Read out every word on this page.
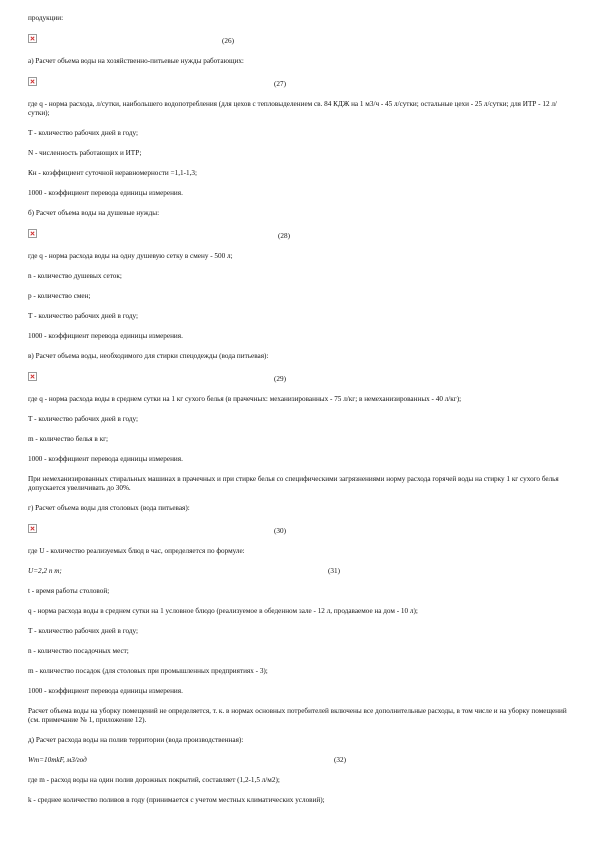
продукции:

(26)

а) Расчет объема воды на хозяйственно-питьевые нужды работающих:

(27)

где q - норма расхода, л/сутки, наибольшего водопотребления (для цехов с тепловыделением св. 84 КДЖ на 1 м3/ч - 45 л/сутки; остальные цехи - 25 л/сутки; для ИТР - 12 л/сутки);

Т - количество рабочих дней в году;

N - численность работающих и ИТР;

Кн - коэффициент суточной неравномерности =1,1-1,3;

1000 - коэффициент перевода единицы измерения.

б) Расчет объема воды на душевые нужды:

(28)

где q - норма расхода воды на одну душевую сетку в смену - 500 л;

n - количество душевых сеток;

р - количество смен;

Т - количество рабочих дней в году;

1000 - коэффициент перевода единицы измерения.

в) Расчет объема воды, необходимого для стирки спецодежды (вода питьевая):

(29)

где q - норма расхода воды в среднем сутки на 1 кг сухого белья (в прачечных: механизированных - 75 л/кг; в немеханизированных - 40 л/кг);

Т - количество рабочих дней в году;

m - количество белья в кг;

1000 - коэффициент перевода единицы измерения.

При немеханизированных стиральных машинах в прачечных и при стирке белья со специфическими загрязнениями норму расхода горячей воды на стирку 1 кг сухого белья допускается увеличивать до 30%.

г) Расчет объема воды для столовых (вода питьевая):

(30)

где U - количество реализуемых блюд в час, определяется по формуле:

U=2,2 n m;	(31)

t - время работы столовой;

q - норма расхода воды в среднем сутки на 1 условное блюдо (реализуемое в обеденном зале - 12 л, продаваемое на дом - 10 л);

Т - количество рабочих дней в году;

n - количество посадочных мест;

m - количество посадок (для столовых при промышленных предприятиях - 3);

1000 - коэффициент перевода единицы измерения.

Расчет объема воды на уборку помещений не определяется, т. к. в нормах основных потребителей включены все дополнительные расходы, в том числе и на уборку помещений (см. примечание № 1, приложение 12).

д) Расчет расхода воды на полив территории (вода производственная):

Wт=10mkF, м3/год	(32)

где m - расход воды на один полив дорожных покрытий, составляет (1,2-1,5 л/м2);

k - среднее количество поливов в году (принимается с учетом местных климатических условий);
